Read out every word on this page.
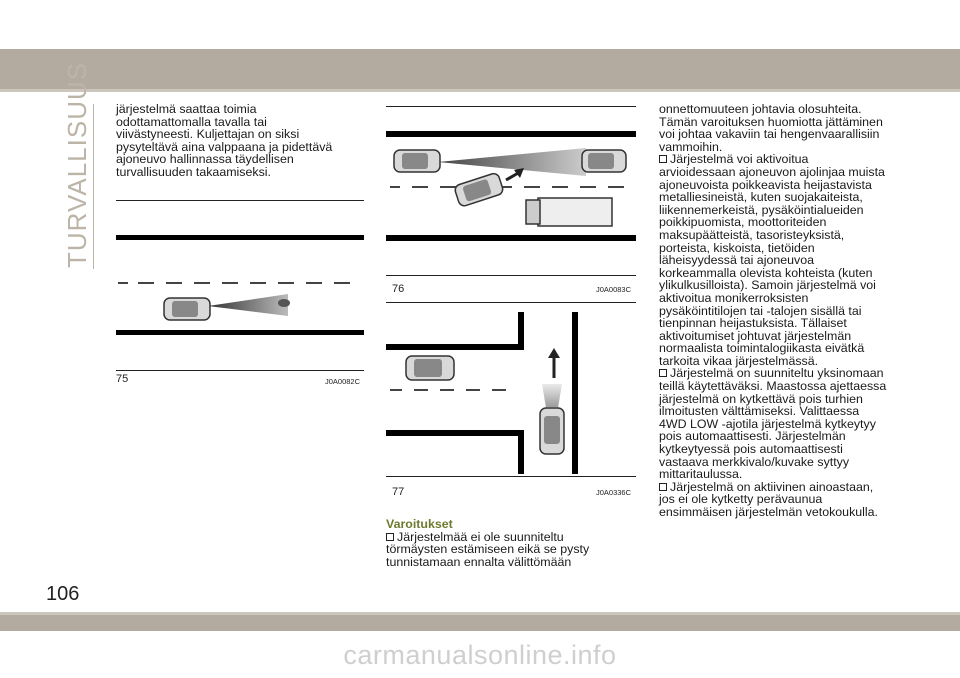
TURVALLISUUS järjestelmä saattaa toimia

odottamattomalla tavalla tai

viivästyneesti. Kuljettajan on siksi

pysyteltävä aina valppaana ja pidettävä

ajoneuvo hallinnassa täydellisen

turvallisuuden takaamiseksi.

75	J0A0082C
76	J0A0083C
77	J0A0336C

Varoitukset

Järjestelmää ei ole suunniteltu

törmäysten estämiseen eikä se pysty

tunnistamaan ennalta välittömään

onnettomuuteen johtavia olosuhteita.

Tämän varoituksen huomiotta jättäminen

voi johtaa vakaviin tai hengenvaarallisiin

vammoihin.

Järjestelmä voi aktivoitua

arvioidessaan ajoneuvon ajolinjaa muista

ajoneuvoista poikkeavista heijastavista

metalliesineistä, kuten suojakaiteista,

liikennemerkeistä, pysäköintialueiden

poikkipuomista, moottoriteiden

maksupäätteistä, tasoristeyksistä,

porteista, kiskoista, tietöiden

läheisyydessä tai ajoneuvoa

korkeammalla olevista kohteista (kuten

ylikulkusilloista). Samoin järjestelmä voi

aktivoitua monikerroksisten

pysäköintitilojen tai -talojen sisällä tai

tienpinnan heijastuksista. Tällaiset

aktivoitumiset johtuvat järjestelmän

normaalista toimintalogiikasta eivätkä

tarkoita vikaa järjestelmässä.

Järjestelmä on suunniteltu yksinomaan

teillä käytettäväksi. Maastossa ajettaessa

järjestelmä on kytkettävä pois turhien

ilmoitusten välttämiseksi. Valittaessa

4WD LOW -ajotila järjestelmä kytkeytyy

pois automaattisesti. Järjestelmän

kytkeytyessä pois automaattisesti

vastaava merkkivalo/kuvake syttyy

mittaritaulussa.

Järjestelmä on aktiivinen ainoastaan,

jos ei ole kytketty perävaunua

ensimmäisen järjestelmän vetokoukulla.

106
carmanualsonline.info
